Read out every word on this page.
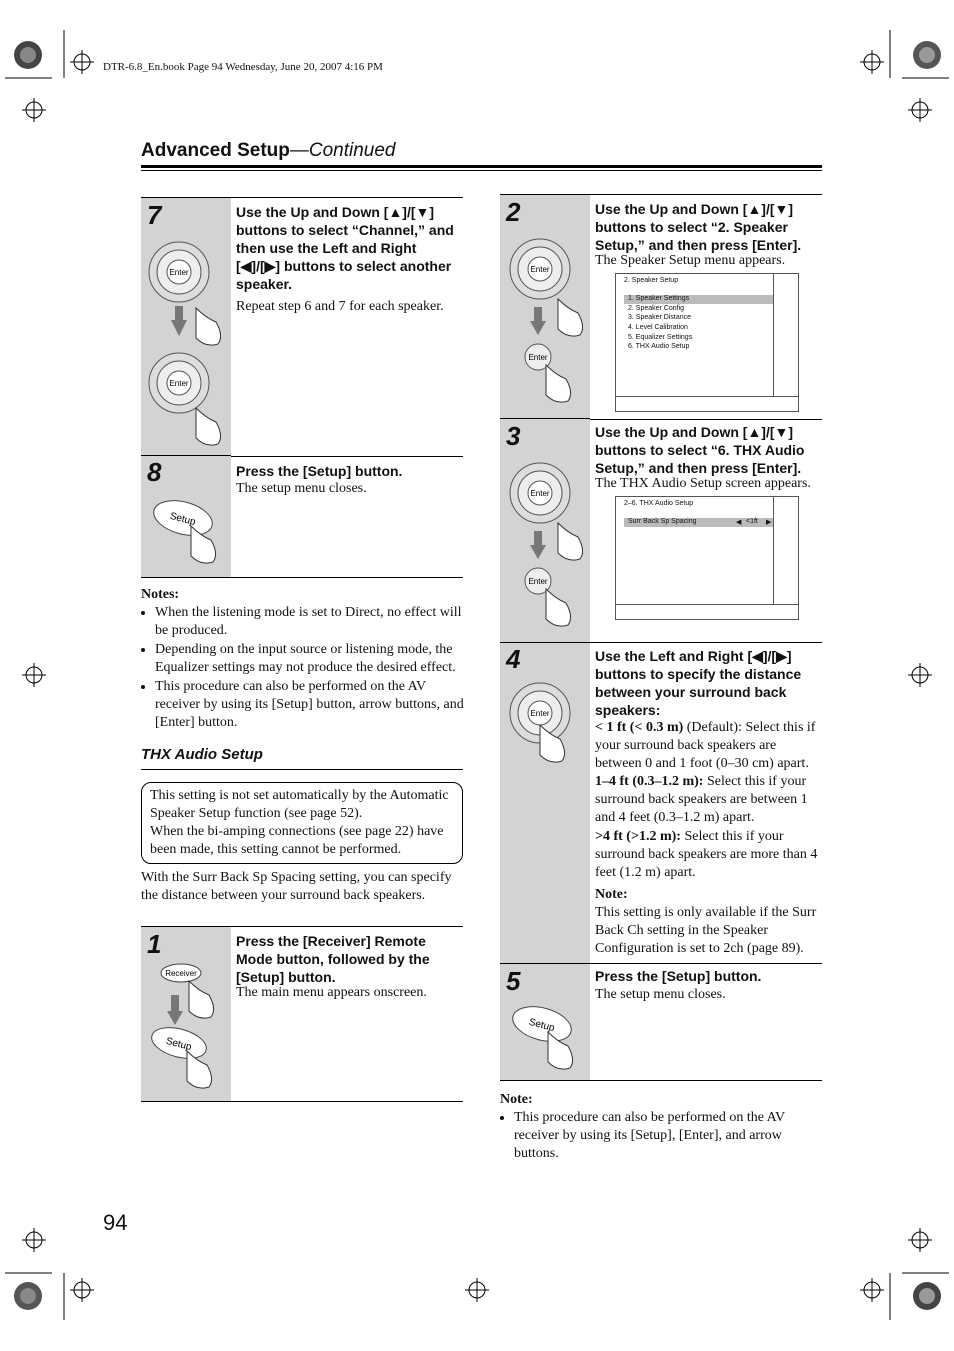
DTR-6.8_En.book Page 94 Wednesday, June 20, 2007 4:16 PM
Advanced Setup—Continued
Enter
Enter
7	Use the Up and Down [▲]/[▼] buttons to select “Channel,” and then use the Left and Right [◀]/[▶] buttons to select another speaker.
Repeat step 6 and 7 for each speaker.
Setup
8	Press the [Setup] button.
The setup menu closes.
Notes:
• When the listening mode is set to Direct, no effect will be produced.
• Depending on the input source or listening mode, the Equalizer settings may not produce the desired effect.
• This procedure can also be performed on the AV receiver by using its [Setup] button, arrow buttons, and [Enter] button.
THX Audio Setup
This setting is not set automatically by the Automatic Speaker Setup function (see page 52).
When the bi-amping connections (see page 22) have been made, this setting cannot be performed.
With the Surr Back Sp Spacing setting, you can specify the distance between your surround back speakers.
Receiver
Setup
1	Press the [Receiver] Remote Mode button, followed by the [Setup] button.
The main menu appears onscreen.
Enter
Enter
2	Use the Up and Down [▲]/[▼] buttons to select “2. Speaker Setup,” and then press [Enter].
The Speaker Setup menu appears.
2. Speaker Setup
1. Speaker Settings
2. Speaker Config
3. Speaker Distance
4. Level Calibration
5. Equalizer Settings
6. THX Audio Setup
Enter
Enter
3	Use the Up and Down [▲]/[▼] buttons to select “6. THX Audio Setup,” and then press [Enter].
The THX Audio Setup screen appears.
2–6. THX Audio Setup
Surr Back Sp Spacing	◀ <1ft ▶
Enter
4	Use the Left and Right [◀]/[▶] buttons to specify the distance between your surround back speakers:
< 1 ft (< 0.3 m) (Default): Select this if your surround back speakers are between 0 and 1 foot (0–30 cm) apart.
1–4 ft (0.3–1.2 m): Select this if your surround back speakers are between 1 and 4 feet (0.3–1.2 m) apart.
>4 ft (>1.2 m): Select this if your surround back speakers are more than 4 feet (1.2 m) apart.
Note:
This setting is only available if the Surr Back Ch setting in the Speaker Configuration is set to 2ch (page 89).
Setup
5	Press the [Setup] button.
The setup menu closes.
Note:
• This procedure can also be performed on the AV receiver by using its [Setup], [Enter], and arrow buttons.
94
